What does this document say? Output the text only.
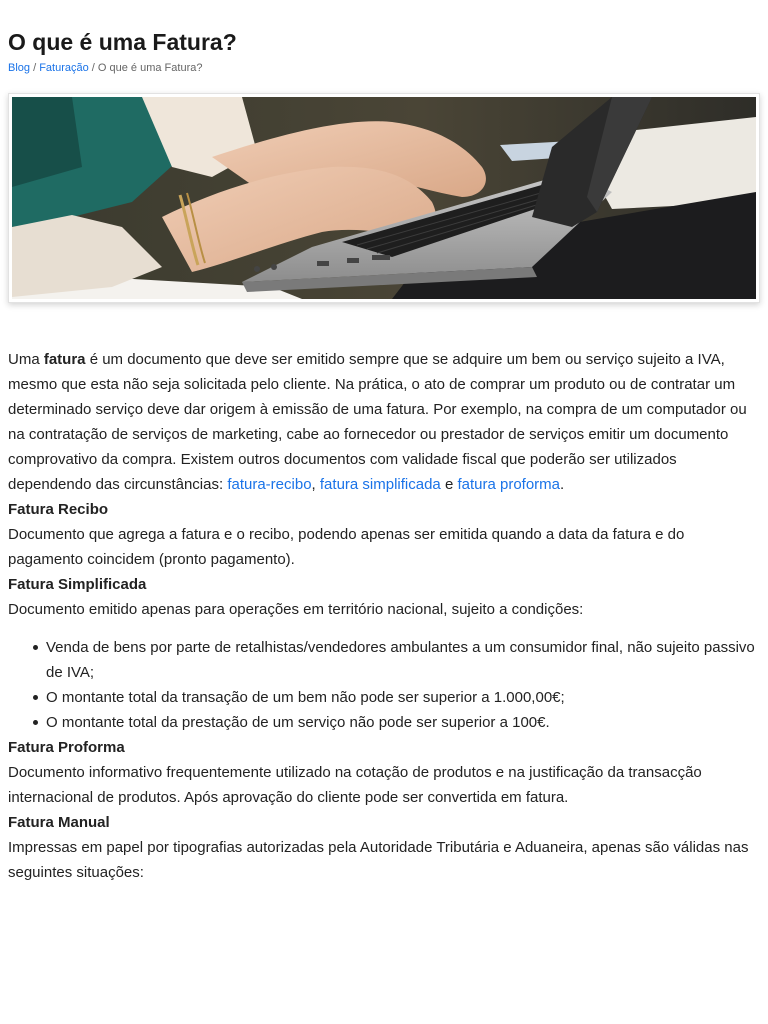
O que é uma Fatura?
Blog / Faturação / O que é uma Fatura?

Uma fatura é um documento que deve ser emitido sempre que se adquire um bem ou serviço sujeito a IVA, mesmo que esta não seja solicitada pelo cliente. Na prática, o ato de comprar um produto ou de contratar um determinado serviço deve dar origem à emissão de uma fatura. Por exemplo, na compra de um computador ou na contratação de serviços de marketing, cabe ao fornecedor ou prestador de serviços emitir um documento comprovativo da compra. Existem outros documentos com validade fiscal que poderão ser utilizados dependendo das circunstâncias: fatura-recibo, fatura simplificada e fatura proforma.

Fatura Recibo

Documento que agrega a fatura e o recibo, podendo apenas ser emitida quando a data da fatura e do pagamento coincidem (pronto pagamento).

Fatura Simplificada

Documento emitido apenas para operações em território nacional, sujeito a condições:

Venda de bens por parte de retalhistas/vendedores ambulantes a um consumidor final, não sujeito passivo de IVA;
O montante total da transação de um bem não pode ser superior a 1.000,00€;
O montante total da prestação de um serviço não pode ser superior a 100€.

Fatura Proforma

Documento informativo frequentemente utilizado na cotação de produtos e na justificação da transacção internacional de produtos. Após aprovação do cliente pode ser convertida em fatura.

Fatura Manual

Impressas em papel por tipografias autorizadas pela Autoridade Tributária e Aduaneira, apenas são válidas nas seguintes situações:
